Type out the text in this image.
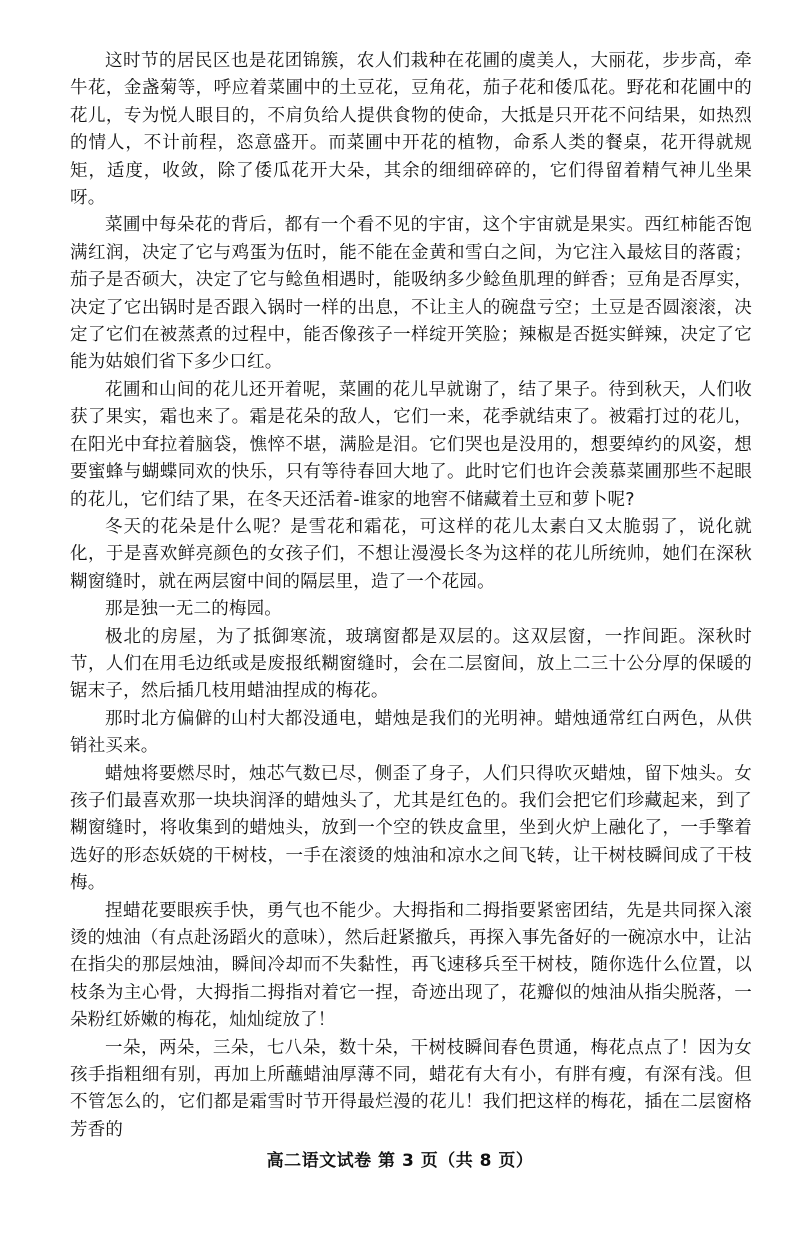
这时节的居民区也是花团锦簇，农人们栽种在花圃的虞美人，大丽花，步步高，牵牛花，金盏菊等，呼应着菜圃中的土豆花，豆角花，茄子花和倭瓜花。野花和花圃中的花儿，专为悦人眼目的，不肩负给人提供食物的使命，大抵是只开花不问结果，如热烈的情人，不计前程，恣意盛开。而菜圃中开花的植物，命系人类的餐桌，花开得就规矩，适度，收敛，除了倭瓜花开大朵，其余的细细碎碎的，它们得留着精气神儿坐果呀。

菜圃中每朵花的背后，都有一个看不见的宇宙，这个宇宙就是果实。西红柿能否饱满红润，决定了它与鸡蛋为伍时，能不能在金黄和雪白之间，为它注入最炫目的落霞；茄子是否硕大，决定了它与鲶鱼相遇时，能吸纳多少鲶鱼肌理的鲜香；豆角是否厚实，决定了它出锅时是否跟入锅时一样的出息，不让主人的碗盘亏空；土豆是否圆滚滚，决定了它们在被蒸煮的过程中，能否像孩子一样绽开笑脸；辣椒是否挺实鲜辣，决定了它能为姑娘们省下多少口红。

花圃和山间的花儿还开着呢，菜圃的花儿早就谢了，结了果子。待到秋天，人们收获了果实，霜也来了。霜是花朵的敌人，它们一来，花季就结束了。被霜打过的花儿，在阳光中耷拉着脑袋，憔悴不堪，满脸是泪。它们哭也是没用的，想要绰约的风姿，想要蜜蜂与蝴蝶同欢的快乐，只有等待春回大地了。此时它们也许会羡慕菜圃那些不起眼的花儿，它们结了果，在冬天还活着-谁家的地窖不储藏着土豆和萝卜呢?

冬天的花朵是什么呢？是雪花和霜花，可这样的花儿太素白又太脆弱了，说化就化，于是喜欢鲜亮颜色的女孩子们，不想让漫漫长冬为这样的花儿所统帅，她们在深秋糊窗缝时，就在两层窗中间的隔层里，造了一个花园。

那是独一无二的梅园。

极北的房屋，为了抵御寒流，玻璃窗都是双层的。这双层窗，一拃间距。深秋时节，人们在用毛边纸或是废报纸糊窗缝时，会在二层窗间，放上二三十公分厚的保暖的锯末子，然后插几枝用蜡油捏成的梅花。

那时北方偏僻的山村大都没通电，蜡烛是我们的光明神。蜡烛通常红白两色，从供销社买来。

蜡烛将要燃尽时，烛芯气数已尽，侧歪了身子，人们只得吹灭蜡烛，留下烛头。女孩子们最喜欢那一块块润泽的蜡烛头了，尤其是红色的。我们会把它们珍藏起来，到了糊窗缝时，将收集到的蜡烛头，放到一个空的铁皮盒里，坐到火炉上融化了，一手擎着选好的形态妖娆的干树枝，一手在滚烫的烛油和凉水之间飞转，让干树枝瞬间成了干枝梅。

捏蜡花要眼疾手快，勇气也不能少。大拇指和二拇指要紧密团结，先是共同探入滚烫的烛油（有点赴汤蹈火的意味），然后赶紧撤兵，再探入事先备好的一碗凉水中，让沾在指尖的那层烛油，瞬间冷却而不失黏性，再飞速移兵至干树枝，随你选什么位置，以枝条为主心骨，大拇指二拇指对着它一捏，奇迹出现了，花瓣似的烛油从指尖脱落，一朵粉红娇嫩的梅花，灿灿绽放了！

一朵，两朵，三朵，七八朵，数十朵，干树枝瞬间春色贯通，梅花点点了！因为女孩手指粗细有别，再加上所蘸蜡油厚薄不同，蜡花有大有小，有胖有瘦，有深有浅。但不管怎么的，它们都是霜雪时节开得最烂漫的花儿！我们把这样的梅花，插在二层窗格芳香的

高二语文试卷 第 3 页（共 8 页）
